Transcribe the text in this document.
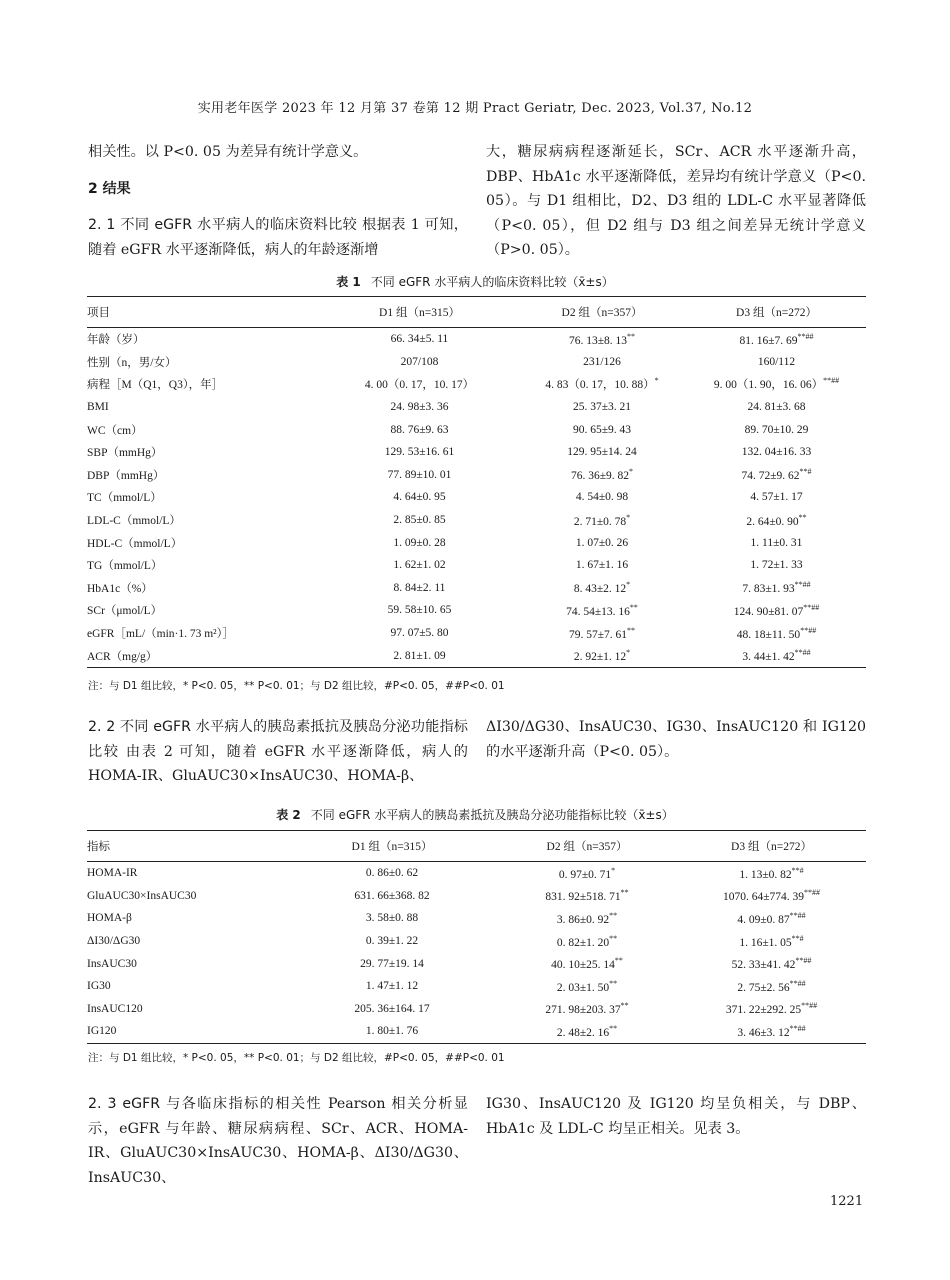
实用老年医学 2023 年 12 月第 37 卷第 12 期 Pract Geriatr, Dec. 2023, Vol.37, No.12

相关性。以 P<0. 05 为差异有统计学意义。

2 结果

2. 1 不同 eGFR 水平病人的临床资料比较 根据表 1 可知，随着 eGFR 水平逐渐降低，病人的年龄逐渐增

大，糖尿病病程逐渐延长，SCr、ACR 水平逐渐升高，DBP、HbA1c 水平逐渐降低，差异均有统计学意义（P<0. 05）。与 D1 组相比，D2、D3 组的 LDL-C 水平显著降低（P<0. 05），但 D2 组与 D3 组之间差异无统计学意义（P>0. 05）。

表 1 不同 eGFR 水平病人的临床资料比较（x̄±s）
项目	D1 组（n=315）	D2 组（n=357）	D3 组（n=272）
年龄（岁）	66. 34±5. 11	76. 13±8. 13**	81. 16±7. 69**##
性别（n，男/女）	207/108	231/126	160/112
病程［M（Q1，Q3），年］	4. 00（0. 17，10. 17）	4. 83（0. 17，10. 88）*	9. 00（1. 90，16. 06）**##
BMI	24. 98±3. 36	25. 37±3. 21	24. 81±3. 68
WC（cm）	88. 76±9. 63	90. 65±9. 43	89. 70±10. 29
SBP（mmHg）	129. 53±16. 61	129. 95±14. 24	132. 04±16. 33
DBP（mmHg）	77. 89±10. 01	76. 36±9. 82*	74. 72±9. 62**#
TC（mmol/L）	4. 64±0. 95	4. 54±0. 98	4. 57±1. 17
LDL-C（mmol/L）	2. 85±0. 85	2. 71±0. 78*	2. 64±0. 90**
HDL-C（mmol/L）	1. 09±0. 28	1. 07±0. 26	1. 11±0. 31
TG（mmol/L）	1. 62±1. 02	1. 67±1. 16	1. 72±1. 33
HbA1c（%）	8. 84±2. 11	8. 43±2. 12*	7. 83±1. 93**##
SCr（μmol/L）	59. 58±10. 65	74. 54±13. 16**	124. 90±81. 07**##
eGFR［mL/（min·1. 73 m²）］	97. 07±5. 80	79. 57±7. 61**	48. 18±11. 50**##
ACR（mg/g）	2. 81±1. 09	2. 92±1. 12*	3. 44±1. 42**##
注：与 D1 组比较，* P<0. 05，** P<0. 01；与 D2 组比较，#P<0. 05，##P<0. 01

2. 2 不同 eGFR 水平病人的胰岛素抵抗及胰岛分泌功能指标比较 由表 2 可知，随着 eGFR 水平逐渐降低，病人的 HOMA-IR、GluAUC30×InsAUC30、HOMA-β、

ΔI30/ΔG30、InsAUC30、IG30、InsAUC120 和 IG120 的水平逐渐升高（P<0. 05）。

表 2 不同 eGFR 水平病人的胰岛素抵抗及胰岛分泌功能指标比较（x̄±s）
指标	D1 组（n=315）	D2 组（n=357）	D3 组（n=272）
HOMA-IR	0. 86±0. 62	0. 97±0. 71*	1. 13±0. 82**#
GluAUC30×InsAUC30	631. 66±368. 82	831. 92±518. 71**	1070. 64±774. 39**##
HOMA-β	3. 58±0. 88	3. 86±0. 92**	4. 09±0. 87**##
ΔI30/ΔG30	0. 39±1. 22	0. 82±1. 20**	1. 16±1. 05**#
InsAUC30	29. 77±19. 14	40. 10±25. 14**	52. 33±41. 42**##
IG30	1. 47±1. 12	2. 03±1. 50**	2. 75±2. 56**##
InsAUC120	205. 36±164. 17	271. 98±203. 37**	371. 22±292. 25**##
IG120	1. 80±1. 76	2. 48±2. 16**	3. 46±3. 12**##
注：与 D1 组比较，* P<0. 05，** P<0. 01；与 D2 组比较，#P<0. 05，##P<0. 01

2. 3 eGFR 与各临床指标的相关性 Pearson 相关分析显示，eGFR 与年龄、糖尿病病程、SCr、ACR、HOMA-IR、GluAUC30×InsAUC30、HOMA-β、ΔI30/ΔG30、InsAUC30、

IG30、InsAUC120 及 IG120 均呈负相关，与 DBP、HbA1c 及 LDL-C 均呈正相关。见表 3。

1221
